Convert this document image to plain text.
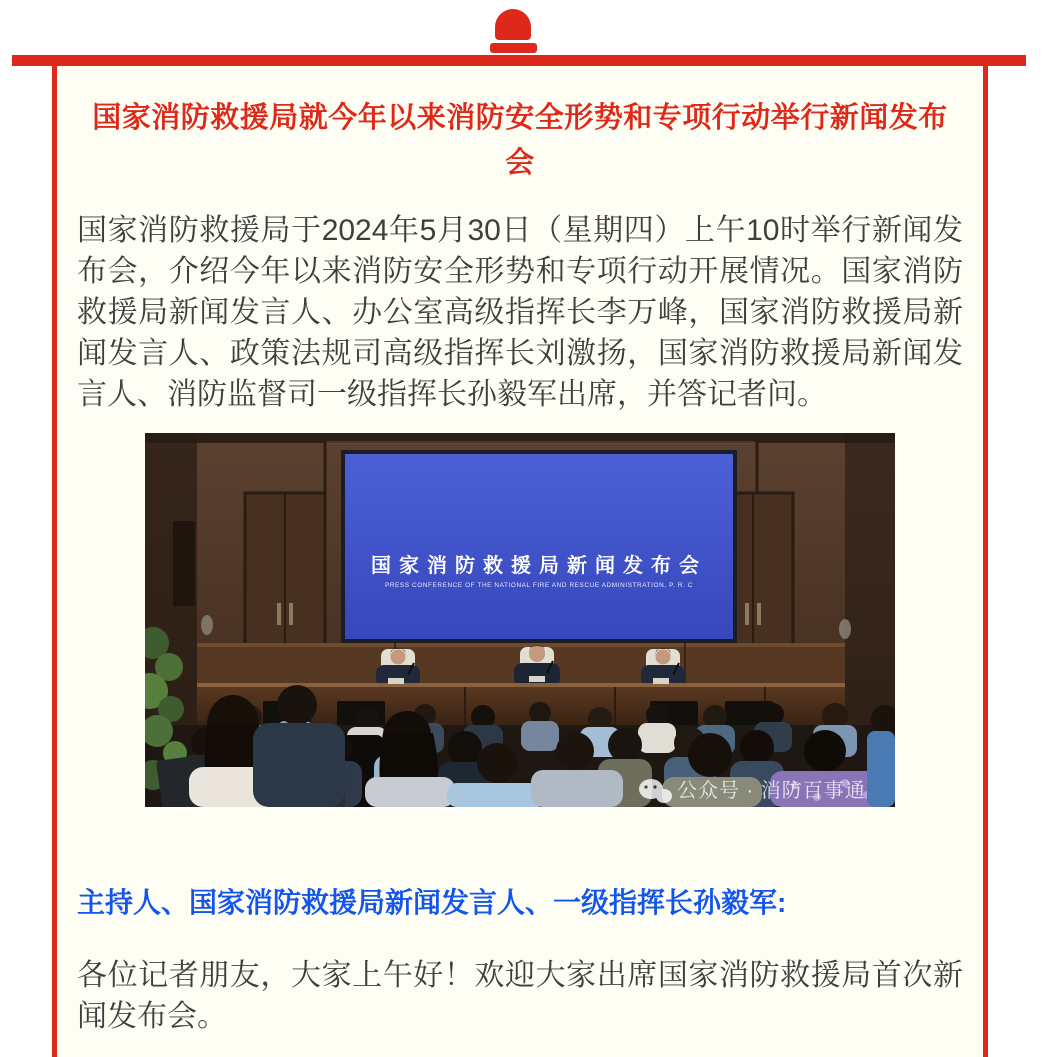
国家消防救援局就今年以来消防安全形势和专项行动举行新闻发布会

国家消防救援局于2024年5月30日（星期四）上午10时举行新闻发布会，介绍今年以来消防安全形势和专项行动开展情况。国家消防救援局新闻发言人、办公室高级指挥长李万峰，国家消防救援局新闻发言人、政策法规司高级指挥长刘激扬，国家消防救援局新闻发言人、消防监督司一级指挥长孙毅军出席，并答记者问。

国家消防救援局新闻发布会
PRESS CONFERENCE OF THE NATIONAL FIRE AND RESCUE ADMINISTRATION, P. R. C
公众号 · 消防百事通
主持人、国家消防救援局新闻发言人、一级指挥长孙毅军:

各位记者朋友，大家上午好！欢迎大家出席国家消防救援局首次新闻发布会。
